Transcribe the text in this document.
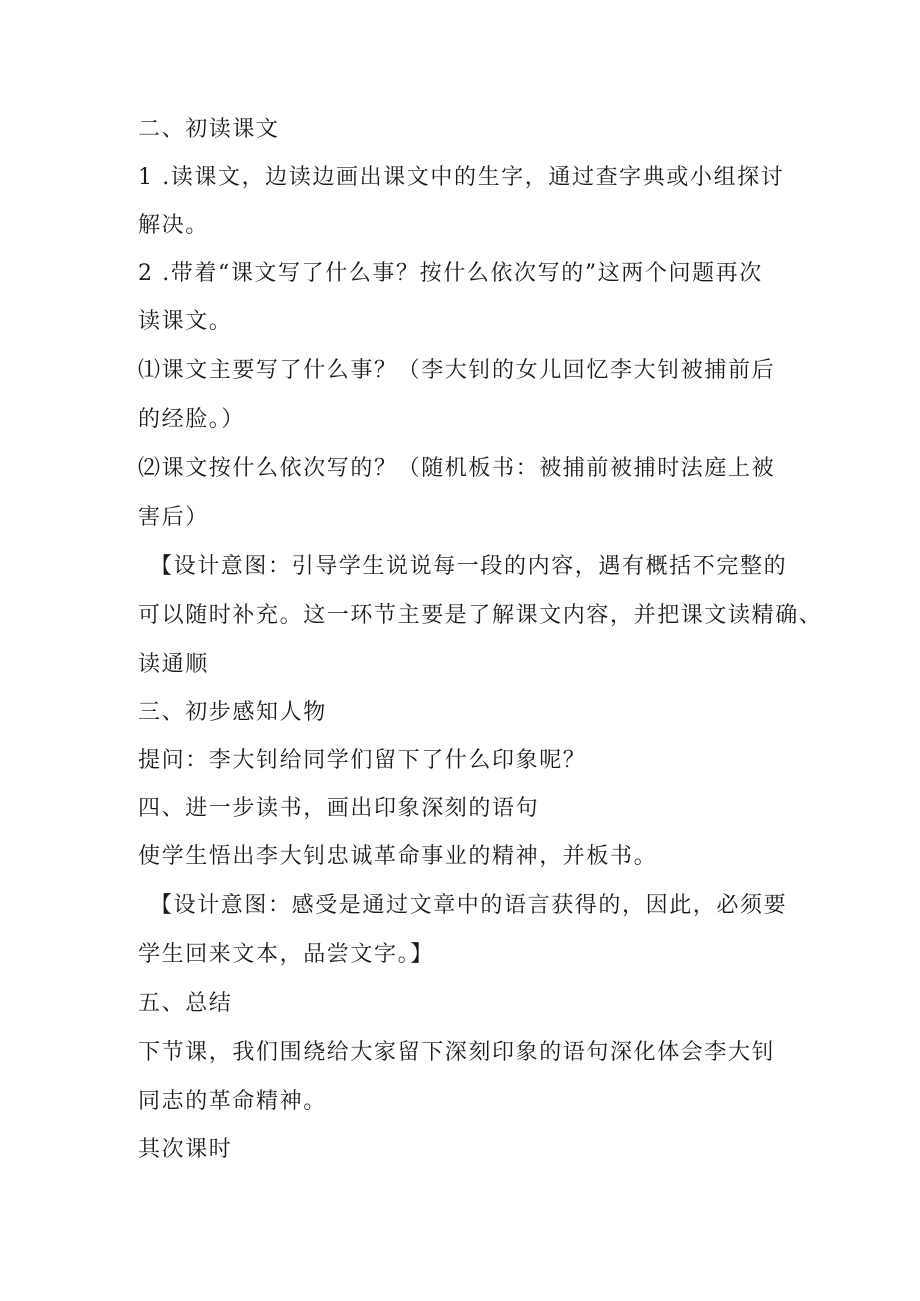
二、初读课文
1 .读课文，边读边画出课文中的生字，通过查字典或小组探讨
解决。
2 .带着“课文写了什么事？按什么依次写的”这两个问题再次
读课文。
⑴课文主要写了什么事？（李大钊的女儿回忆李大钊被捕前后
的经脸。）
⑵课文按什么依次写的？（随机板书：被捕前被捕时法庭上被
害后）
【设计意图：引导学生说说每一段的内容，遇有概括不完整的
可以随时补充。这一环节主要是了解课文内容，并把课文读精确、
读通顺
三、初步感知人物
提问：李大钊给同学们留下了什么印象呢？
四、进一步读书，画出印象深刻的语句
使学生悟出李大钊忠诚革命事业的精神，并板书。
【设计意图：感受是通过文章中的语言获得的，因此，必须要
学生回来文本，品尝文字。】
五、总结
下节课，我们围绕给大家留下深刻印象的语句深化体会李大钊
同志的革命精神。
其次课时
